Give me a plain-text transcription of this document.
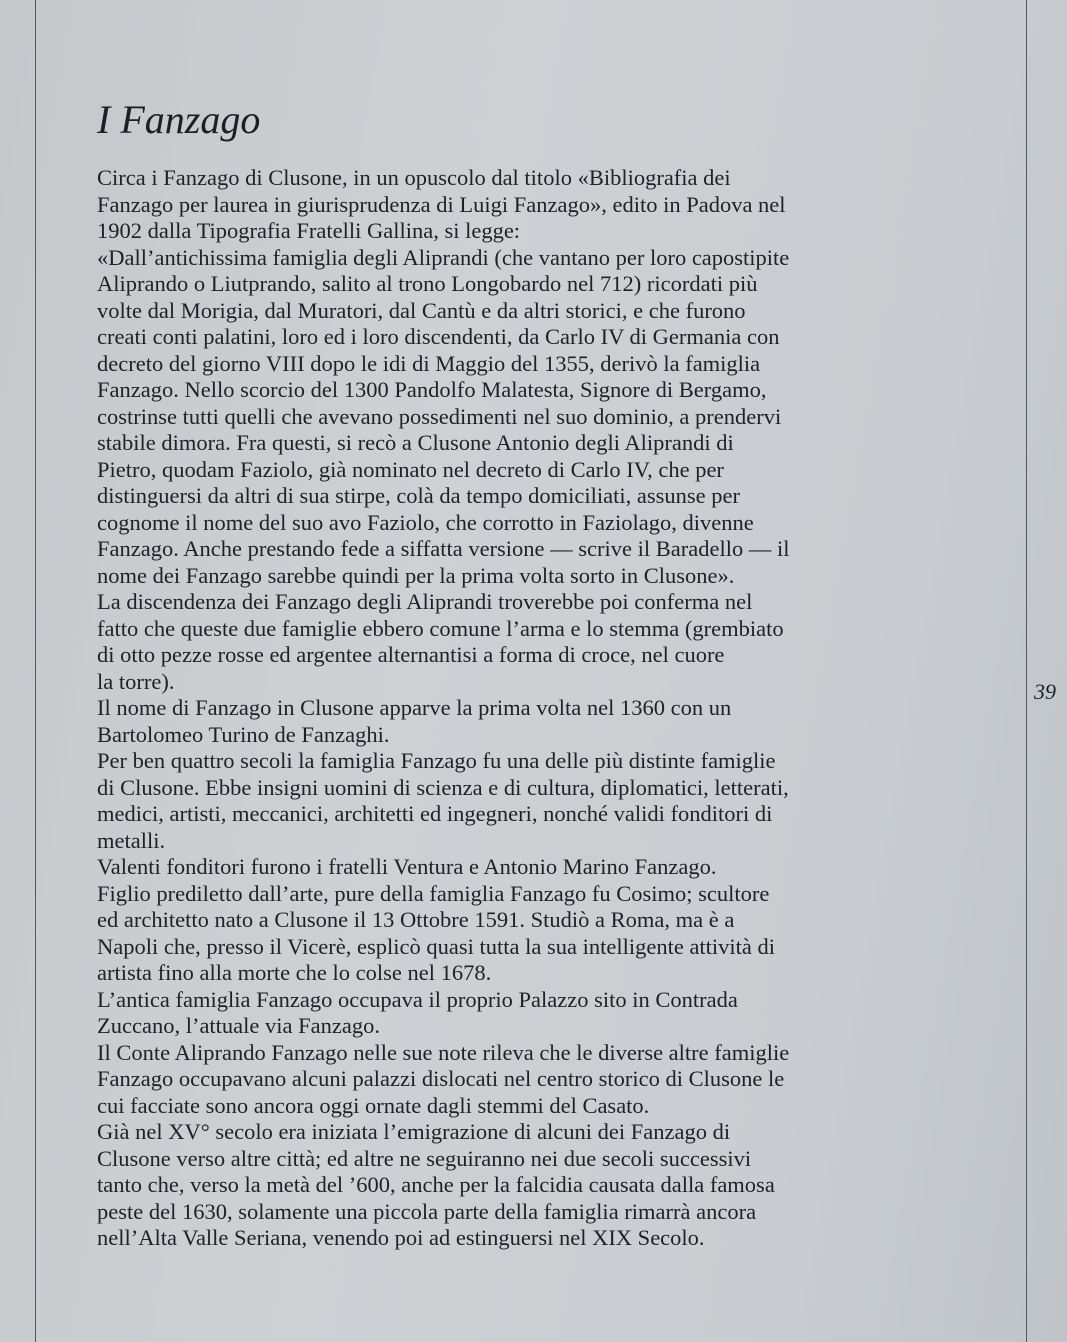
I Fanzago
Circa i Fanzago di Clusone, in un opuscolo dal titolo «Bibliografia dei
Fanzago per laurea in giurisprudenza di Luigi Fanzago», edito in Padova nel
1902 dalla Tipografia Fratelli Gallina, si legge:
«Dall’antichissima famiglia degli Aliprandi (che vantano per loro capostipite
Aliprando o Liutprando, salito al trono Longobardo nel 712) ricordati più
volte dal Morigia, dal Muratori, dal Cantù e da altri storici, e che furono
creati conti palatini, loro ed i loro discendenti, da Carlo IV di Germania con
decreto del giorno VIII dopo le idi di Maggio del 1355, derivò la famiglia
Fanzago. Nello scorcio del 1300 Pandolfo Malatesta, Signore di Bergamo,
costrinse tutti quelli che avevano possedimenti nel suo dominio, a prendervi
stabile dimora. Fra questi, si recò a Clusone Antonio degli Aliprandi di
Pietro, quodam Faziolo, già nominato nel decreto di Carlo IV, che per
distinguersi da altri di sua stirpe, colà da tempo domiciliati, assunse per
cognome il nome del suo avo Faziolo, che corrotto in Faziolago, divenne
Fanzago. Anche prestando fede a siffatta versione — scrive il Baradello — il
nome dei Fanzago sarebbe quindi per la prima volta sorto in Clusone».
La discendenza dei Fanzago degli Aliprandi troverebbe poi conferma nel
fatto che queste due famiglie ebbero comune l’arma e lo stemma (grembiato
di otto pezze rosse ed argentee alternantisi a forma di croce, nel cuore
la torre).
Il nome di Fanzago in Clusone apparve la prima volta nel 1360 con un
Bartolomeo Turino de Fanzaghi.
Per ben quattro secoli la famiglia Fanzago fu una delle più distinte famiglie
di Clusone. Ebbe insigni uomini di scienza e di cultura, diplomatici, letterati,
medici, artisti, meccanici, architetti ed ingegneri, nonché validi fonditori di
metalli.
Valenti fonditori furono i fratelli Ventura e Antonio Marino Fanzago.
Figlio prediletto dall’arte, pure della famiglia Fanzago fu Cosimo; scultore
ed architetto nato a Clusone il 13 Ottobre 1591. Studiò a Roma, ma è a
Napoli che, presso il Vicerè, esplicò quasi tutta la sua intelligente attività di
artista fino alla morte che lo colse nel 1678.
L’antica famiglia Fanzago occupava il proprio Palazzo sito in Contrada
Zuccano, l’attuale via Fanzago.
Il Conte Aliprando Fanzago nelle sue note rileva che le diverse altre famiglie
Fanzago occupavano alcuni palazzi dislocati nel centro storico di Clusone le
cui facciate sono ancora oggi ornate dagli stemmi del Casato.
Già nel XV° secolo era iniziata l’emigrazione di alcuni dei Fanzago di
Clusone verso altre città; ed altre ne seguiranno nei due secoli successivi
tanto che, verso la metà del ’600, anche per la falcidia causata dalla famosa
peste del 1630, solamente una piccola parte della famiglia rimarrà ancora
nell’Alta Valle Seriana, venendo poi ad estinguersi nel XIX Secolo.
39
